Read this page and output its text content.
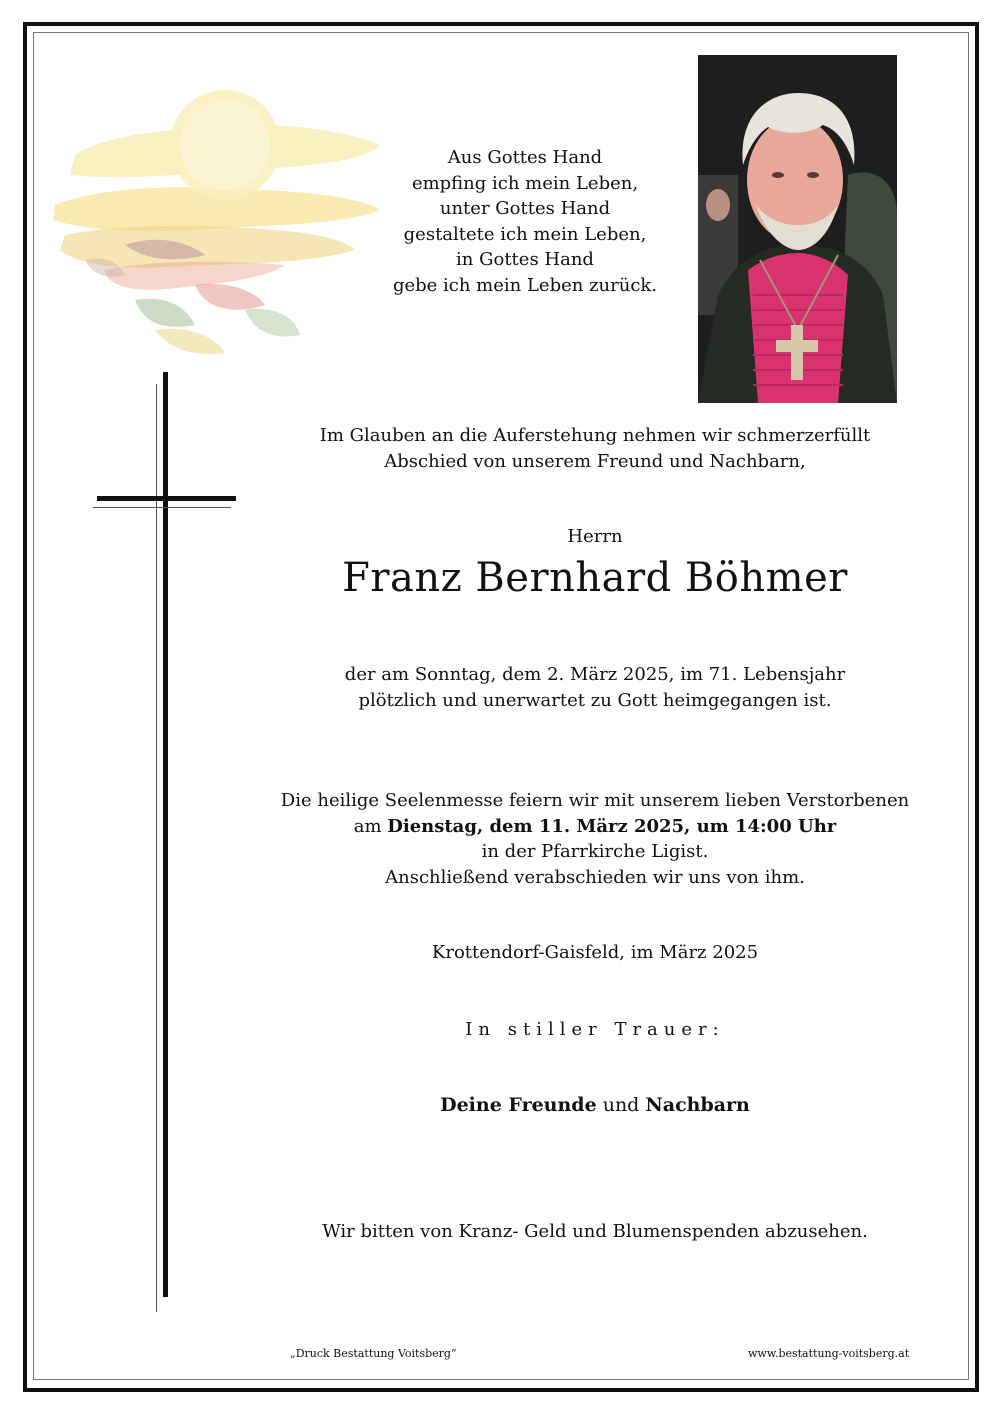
Aus Gottes Hand
empfing ich mein Leben,
unter Gottes Hand
gestaltete ich mein Leben,
in Gottes Hand
gebe ich mein Leben zurück.
Im Glauben an die Auferstehung nehmen wir schmerzerfüllt
Abschied von unserem Freund und Nachbarn,
Herrn
Franz Bernhard Böhmer
der am Sonntag, dem 2. März 2025, im 71. Lebensjahr
plötzlich und unerwartet zu Gott heimgegangen ist.
Die heilige Seelenmesse feiern wir mit unserem lieben Verstorbenen
am Dienstag, dem 11. März 2025, um 14:00 Uhr
in der Pfarrkirche Ligist.
Anschließend verabschieden wir uns von ihm.
Krottendorf-Gaisfeld, im März 2025
In stiller Trauer:
Deine Freunde und Nachbarn
Wir bitten von Kranz- Geld und Blumenspenden abzusehen.
„Druck Bestattung Voitsberg“	www.bestattung-voitsberg.at
